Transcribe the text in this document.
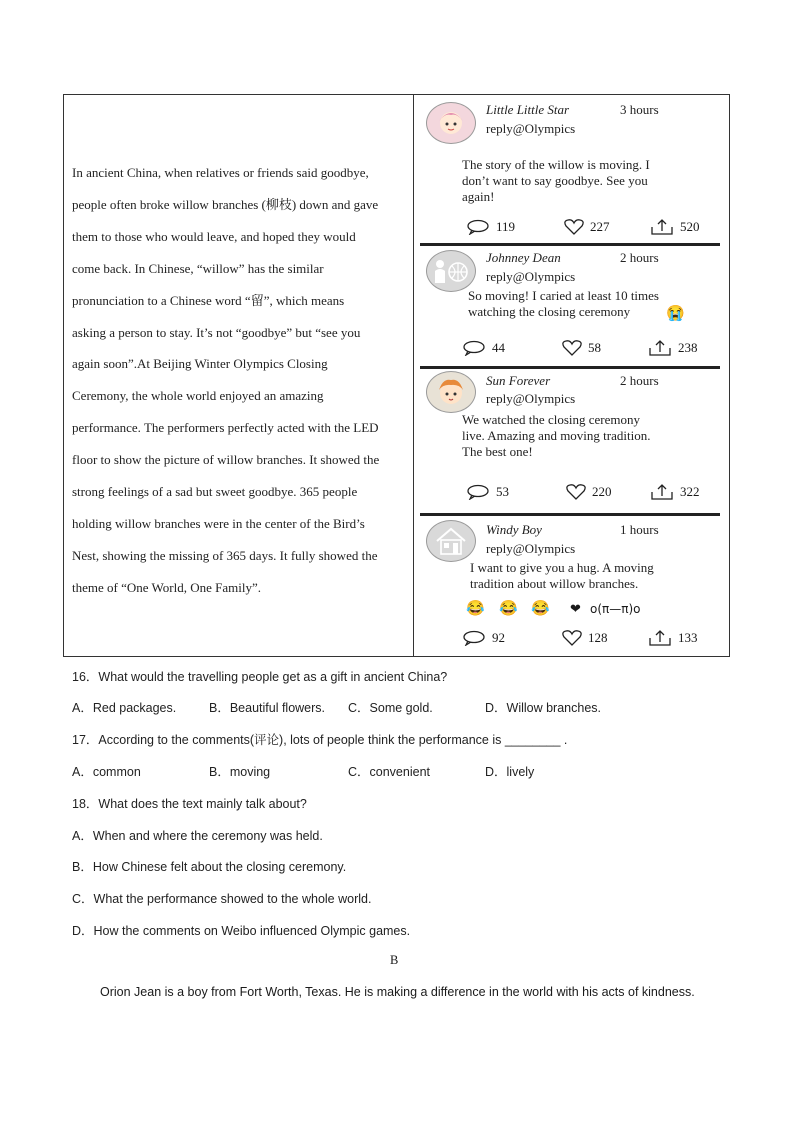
In ancient China, when relatives or friends said goodbye,

people often broke willow branches (柳枝) down and gave

them to those who would leave, and hoped they would

come back. In Chinese, “willow” has the similar

pronunciation to a Chinese word “留”, which means

asking a person to stay. It’s not “goodbye” but “see you

again soon”.At Beijing Winter Olympics Closing

Ceremony, the whole world enjoyed an amazing

performance. The performers perfectly acted with the LED

floor to show the picture of willow branches. It showed the

strong feelings of a sad but sweet goodbye. 365 people

holding willow branches were in the center of the Bird’s

Nest, showing the missing of 365 days. It fully showed the

theme of “One World, One Family”.

Little Little Star	3 hours
reply@Olympics
The story of the willow is moving. I
don’t want to say goodbye. See you
again!
119	227	520
Johnney Dean	2 hours
reply@Olympics
So moving! I caried at least 10 times
watching the closing ceremony	😭
44	58	238
Sun Forever	2 hours
reply@Olympics
We watched the closing ceremony
live. Amazing and moving tradition.
The best one!
53	220	322
Windy Boy	1 hours
reply@Olympics
I want to give you a hug. A moving
tradition about willow branches.
😂 😂 😂 ❤ o(π—π)o
92	128	133
16．What would the travelling people get as a gift in ancient China?
A．Red packages.	B．Beautiful flowers. C．Some gold.	D．Willow branches.
17．According to the comments(评论), lots of people think the performance is ________ .
A．common	B．moving	C．convenient	D．lively
18．What does the text mainly talk about?
A．When and where the ceremony was held.
B．How Chinese felt about the closing ceremony.
C．What the performance showed to the whole world.
D．How the comments on Weibo influenced Olympic games.
B
Orion Jean is a boy from Fort Worth, Texas. He is making a difference in the world with his acts of kindness.
